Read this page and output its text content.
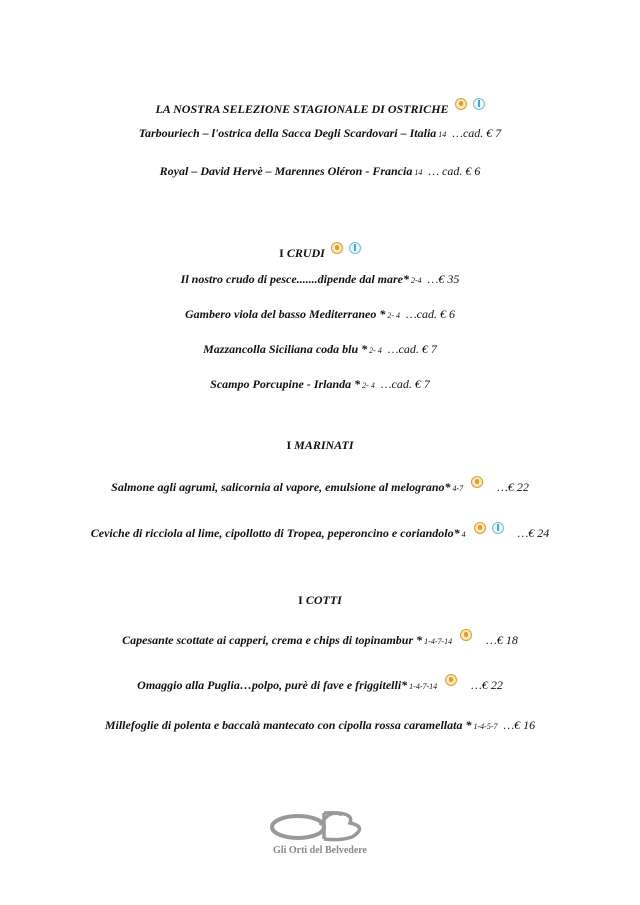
Gli Orti del Belvedere
LA NOSTRA SELEZIONE STAGIONALE DI OSTRICHE
Tarbouriech – l'ostrica della Sacca Degli Scardovari – Italia 14 …cad. € 7
Royal – David Hervè – Marennes Oléron - Francia 14 … cad. € 6
I CRUDI
Il nostro crudo di pesce.......dipende dal mare* 2-4 …€ 35
Gambero viola del basso Mediterraneo * 2- 4 …cad. € 6
Mazzancolla Siciliana coda blu * 2- 4 …cad. € 7
Scampo Porcupine - Irlanda * 2- 4 …cad. € 7
I MARINATI
Salmone agli agrumi, salicornia al vapore, emulsione al melograno* 4-7	…€ 22
Ceviche di ricciola al lime, cipollotto di Tropea, peperoncino e coriandolo* 4	…€ 24
I COTTI
Capesante scottate ai capperi, crema e chips di topinambur * 1-4-7-14	…€ 18
Omaggio alla Puglia…polpo, purè di fave e friggitelli* 1-4-7-14	…€ 22
Millefoglie di polenta e baccalà mantecato con cipolla rossa caramellata * 1-4-5-7 …€ 16
